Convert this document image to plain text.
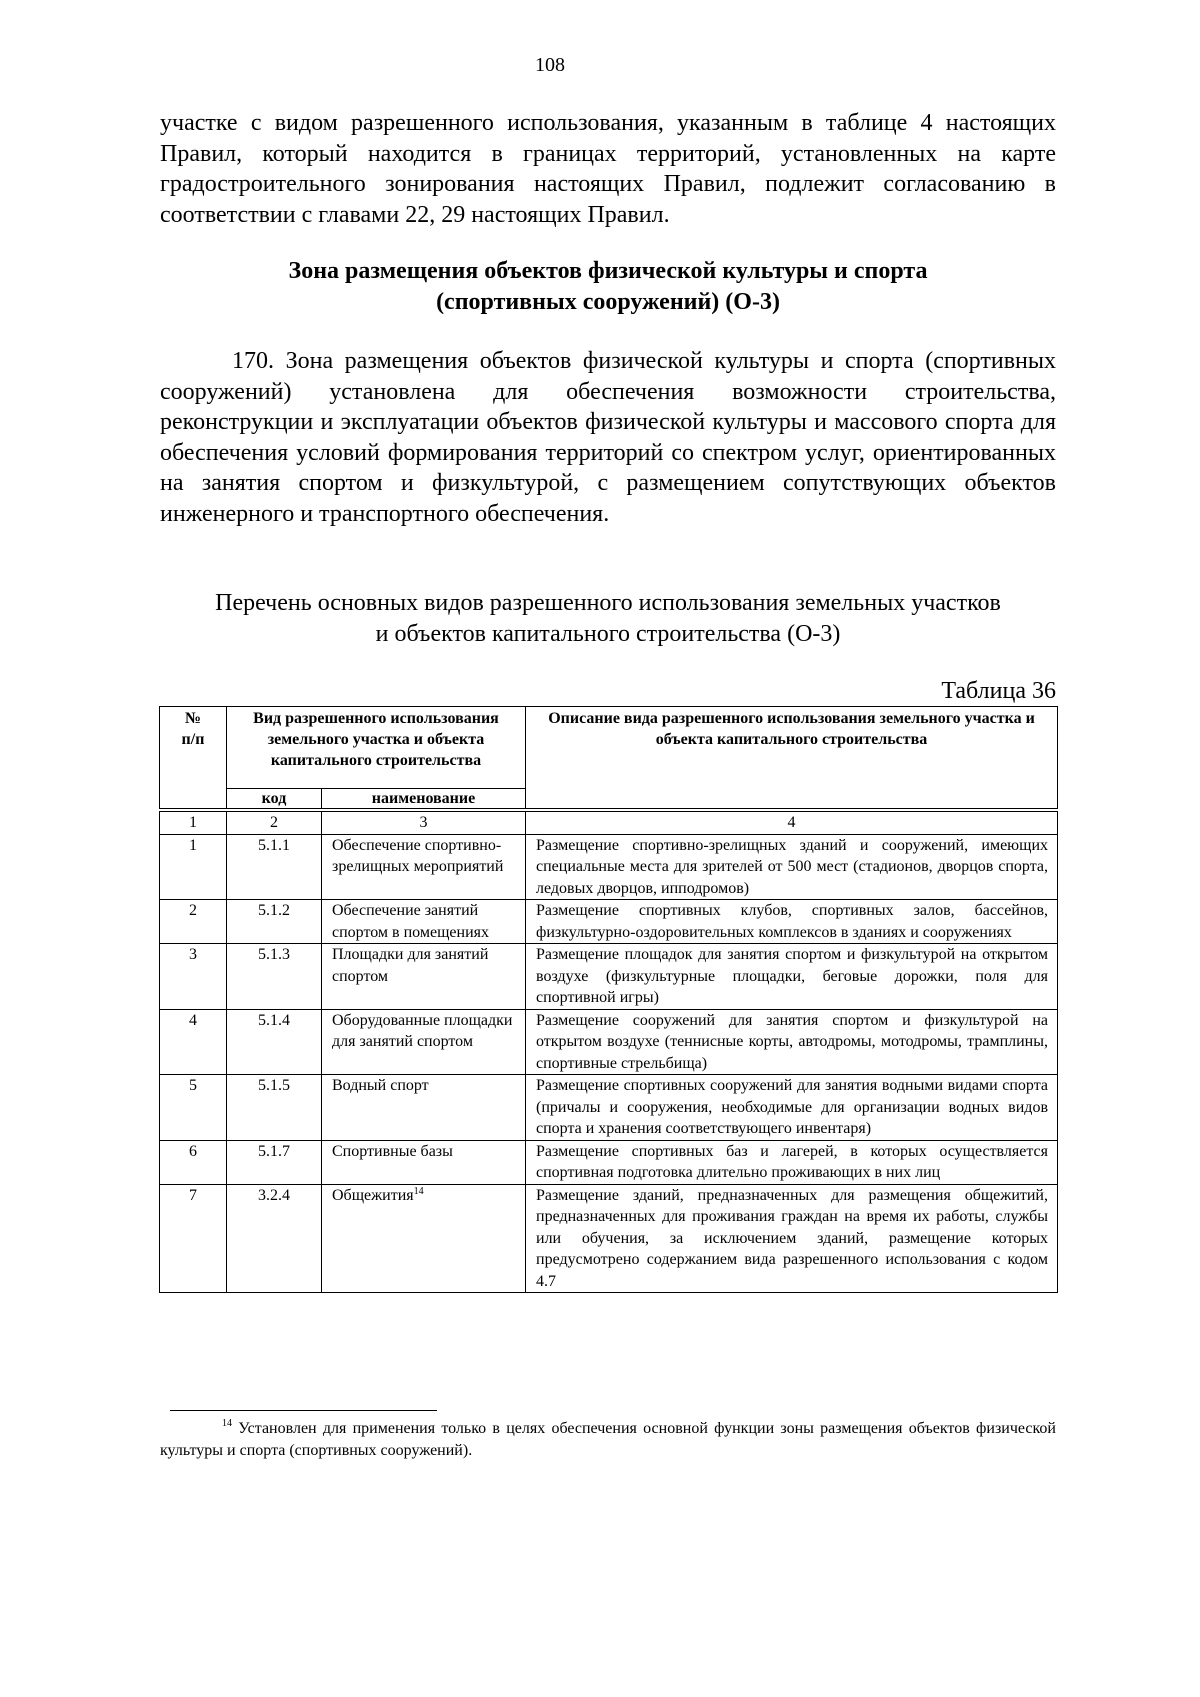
108

участке с видом разрешенного использования, указанным в таблице 4 настоящих Правил, который находится в границах территорий, установленных на карте градостроительного зонирования настоящих Правил, подлежит согласованию в соответствии с главами 22, 29 настоящих Правил.

Зона размещения объектов физической культуры и спорта
(спортивных сооружений) (О-3)

170. Зона размещения объектов физической культуры и спорта (спортивных сооружений) установлена для обеспечения возможности строительства, реконструкции и эксплуатации объектов физической культуры и массового спорта для обеспечения условий формирования территорий со спектром услуг, ориентированных на занятия спортом и физкультурой, с размещением сопутствующих объектов инженерного и транспортного обеспечения.

Перечень основных видов разрешенного использования земельных участков
и объектов капитального строительства (О-3)
Таблица 36
№
п/п	Вид разрешенного использования земельного участка и объекта капитального строительства		Описание вида разрешенного использования земельного участка и объекта капитального строительства
	код	наименование	

1	2	3	4
1	5.1.1	Обеспечение спортивно-зрелищных мероприятий	Размещение спортивно-зрелищных зданий и сооружений, имеющих специальные места для зрителей от 500 мест (стадионов, дворцов спорта, ледовых дворцов, ипподромов)
2	5.1.2	Обеспечение занятий спортом в помещениях	Размещение спортивных клубов, спортивных залов, бассейнов, физкультурно-оздоровительных комплексов в зданиях и сооружениях
3	5.1.3	Площадки для занятий спортом	Размещение площадок для занятия спортом и физкультурой на открытом воздухе (физкультурные площадки, беговые дорожки, поля для спортивной игры)
4	5.1.4	Оборудованные площадки для занятий спортом	Размещение сооружений для занятия спортом и физкультурой на открытом воздухе (теннисные корты, автодромы, мотодромы, трамплины, спортивные стрельбища)
5	5.1.5	Водный спорт	Размещение спортивных сооружений для занятия водными видами спорта (причалы и сооружения, необходимые для организации водных видов спорта и хранения соответствующего инвентаря)
6	5.1.7	Спортивные базы	Размещение спортивных баз и лагерей, в которых осуществляется спортивная подготовка длительно проживающих в них лиц
7	3.2.4	Общежития$^{14}$	Размещение зданий, предназначенных для размещения общежитий, предназначенных для проживания граждан на время их работы, службы или обучения, за исключением зданий, размещение которых предусмотрено содержанием вида разрешенного использования с кодом 4.7

$^{14}$ Установлен для применения только в целях обеспечения основной функции зоны размещения объектов физической культуры и спорта (спортивных сооружений).
